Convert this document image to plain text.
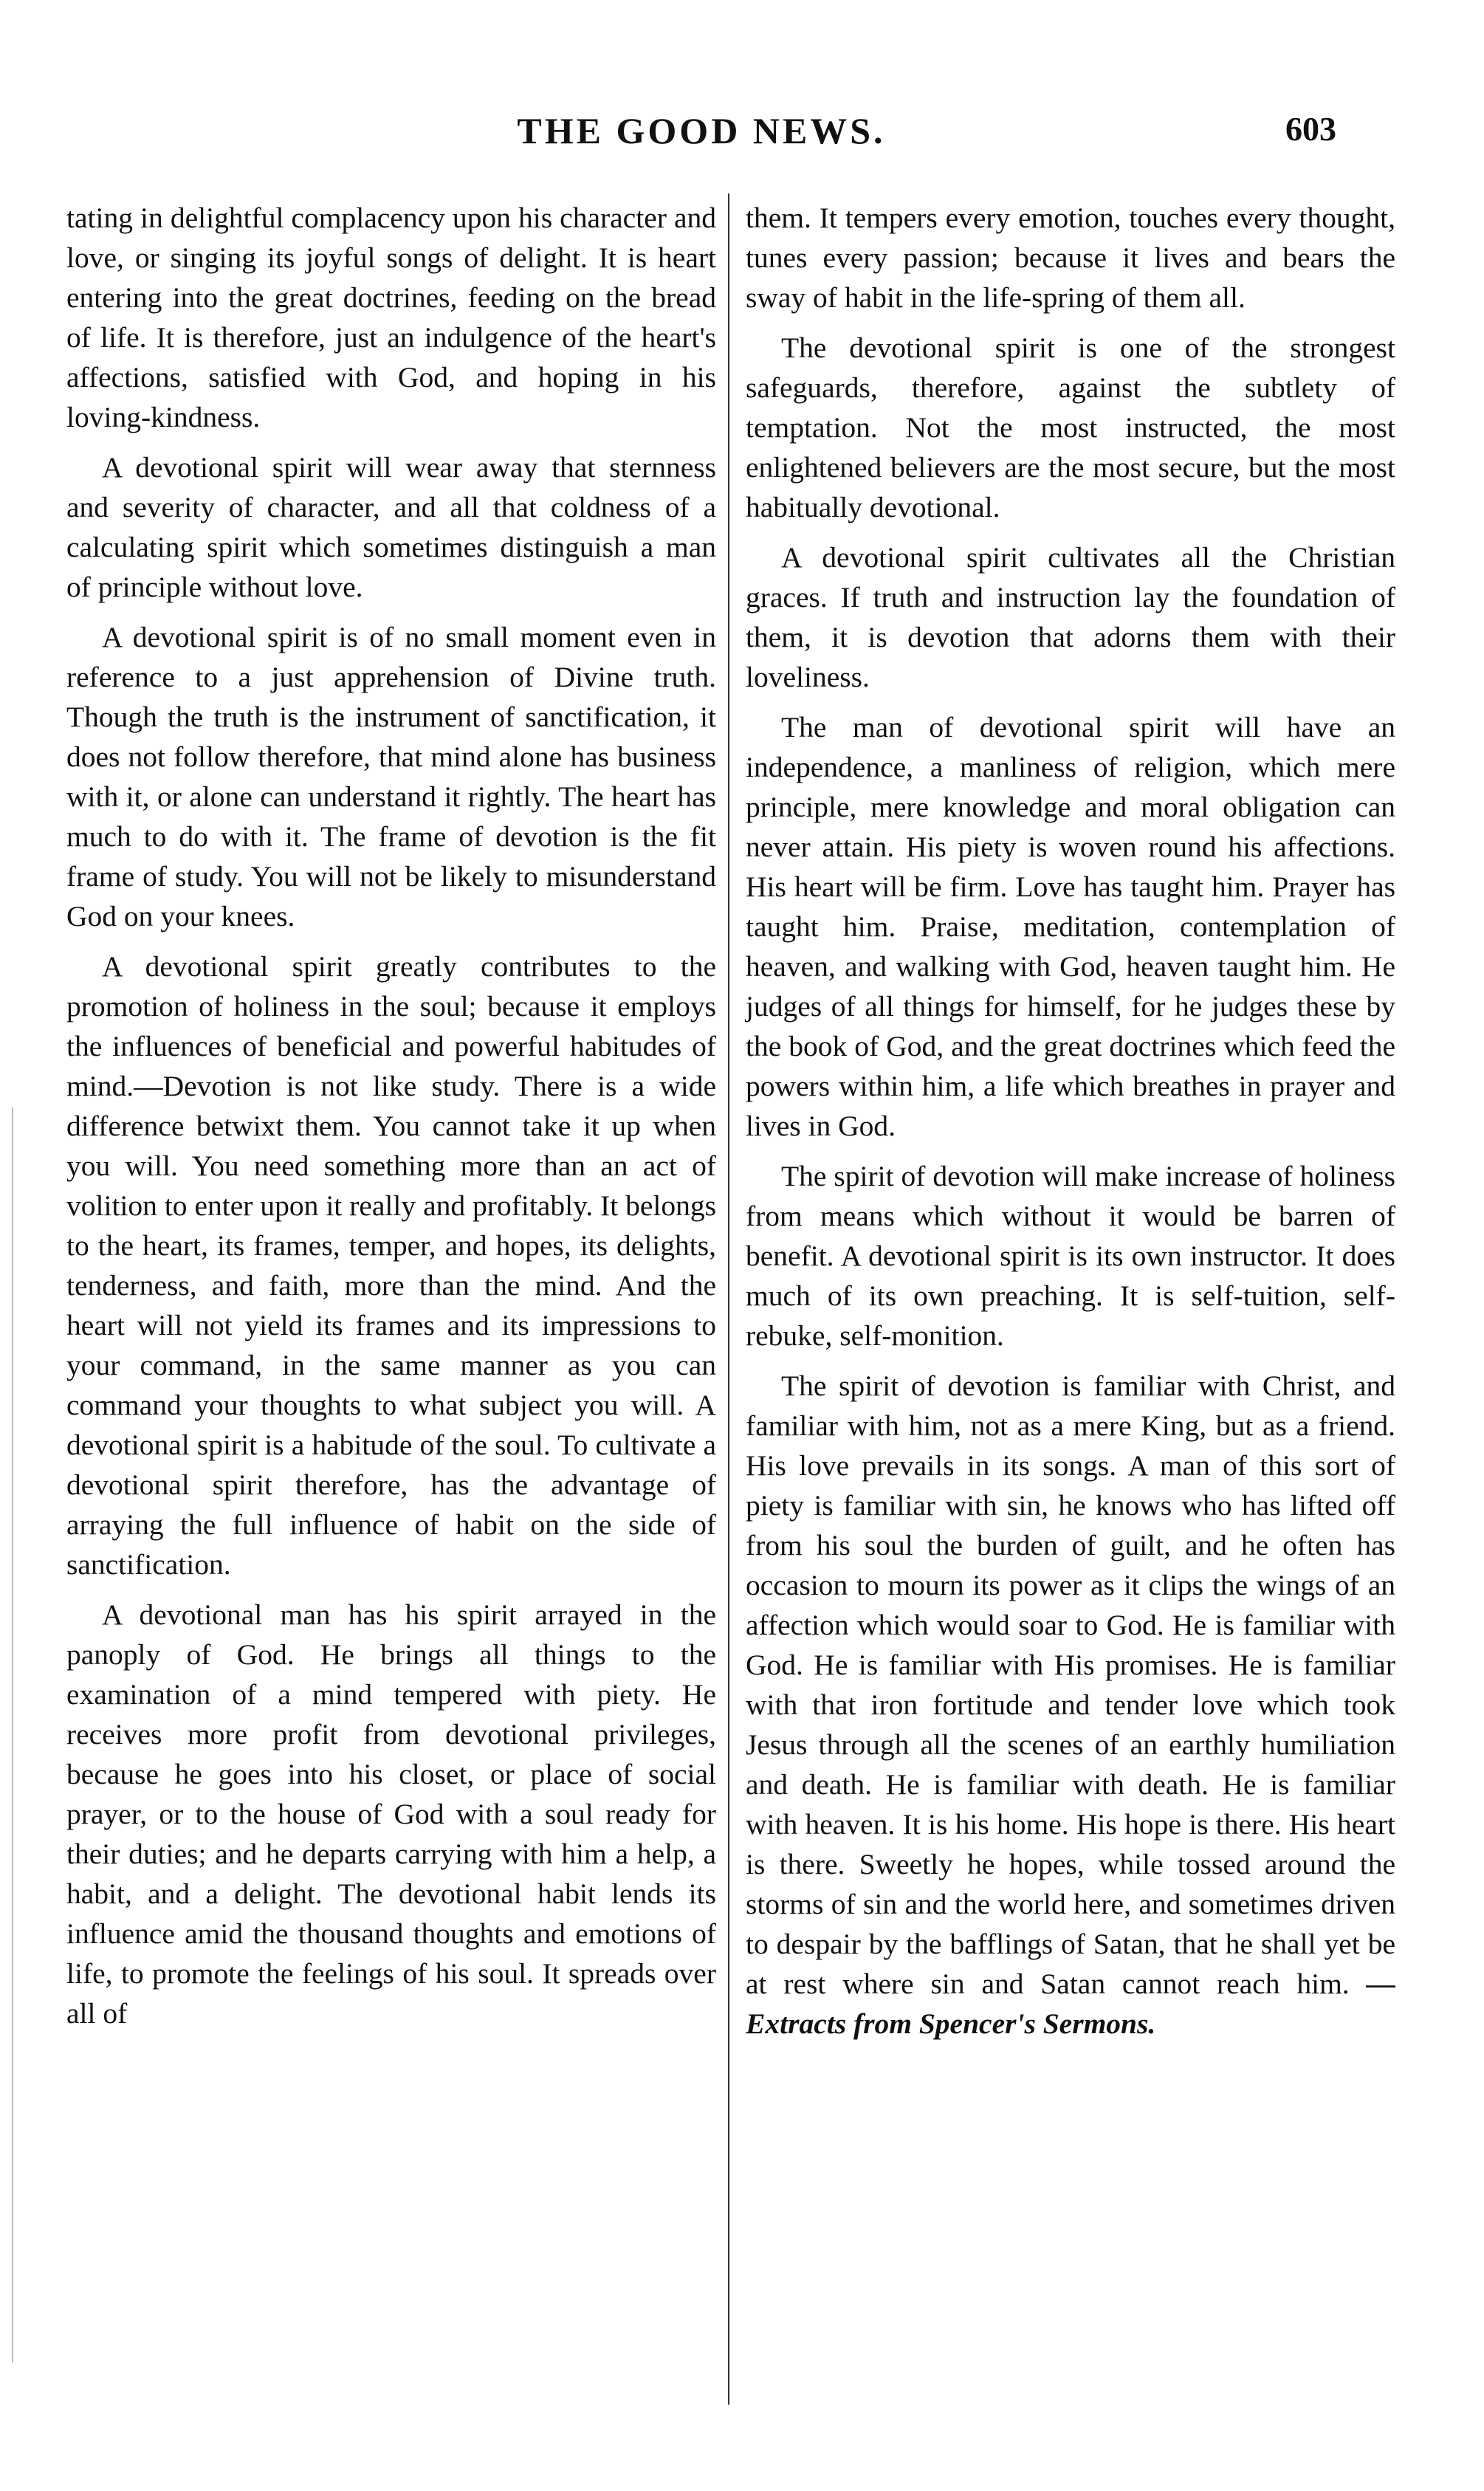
THE GOOD NEWS.	603

tating in delightful complacency upon his character and love, or singing its joyful songs of delight. It is heart entering into the great doctrines, feeding on the bread of life. It is therefore, just an indulgence of the heart's affections, satisfied with God, and hoping in his loving-kindness.

A devotional spirit will wear away that sternness and severity of character, and all that coldness of a calculating spirit which sometimes distinguish a man of principle without love.

A devotional spirit is of no small moment even in reference to a just apprehension of Divine truth. Though the truth is the instrument of sanctification, it does not follow therefore, that mind alone has business with it, or alone can understand it rightly. The heart has much to do with it. The frame of devotion is the fit frame of study. You will not be likely to misunderstand God on your knees.

A devotional spirit greatly contributes to the promotion of holiness in the soul; because it employs the influences of beneficial and powerful habitudes of mind.—Devotion is not like study. There is a wide difference betwixt them. You cannot take it up when you will. You need something more than an act of volition to enter upon it really and profitably. It belongs to the heart, its frames, temper, and hopes, its delights, tenderness, and faith, more than the mind. And the heart will not yield its frames and its impressions to your command, in the same manner as you can command your thoughts to what subject you will. A devotional spirit is a habitude of the soul. To cultivate a devotional spirit therefore, has the advantage of arraying the full influence of habit on the side of sanctification.

A devotional man has his spirit arrayed in the panoply of God. He brings all things to the examination of a mind tempered with piety. He receives more profit from devotional privileges, because he goes into his closet, or place of social prayer, or to the house of God with a soul ready for their duties; and he departs carrying with him a help, a habit, and a delight. The devotional habit lends its influence amid the thousand thoughts and emotions of life, to promote the feelings of his soul. It spreads over all of

them. It tempers every emotion, touches every thought, tunes every passion; because it lives and bears the sway of habit in the life-spring of them all.

The devotional spirit is one of the strongest safeguards, therefore, against the subtlety of temptation. Not the most instructed, the most enlightened believers are the most secure, but the most habitually devotional.

A devotional spirit cultivates all the Christian graces. If truth and instruction lay the foundation of them, it is devotion that adorns them with their loveliness.

The man of devotional spirit will have an independence, a manliness of religion, which mere principle, mere knowledge and moral obligation can never attain. His piety is woven round his affections. His heart will be firm. Love has taught him. Prayer has taught him. Praise, meditation, contemplation of heaven, and walking with God, heaven taught him. He judges of all things for himself, for he judges these by the book of God, and the great doctrines which feed the powers within him, a life which breathes in prayer and lives in God.

The spirit of devotion will make increase of holiness from means which without it would be barren of benefit. A devotional spirit is its own instructor. It does much of its own preaching. It is self-tuition, self-rebuke, self-monition.

The spirit of devotion is familiar with Christ, and familiar with him, not as a mere King, but as a friend. His love prevails in its songs. A man of this sort of piety is familiar with sin, he knows who has lifted off from his soul the burden of guilt, and he often has occasion to mourn its power as it clips the wings of an affection which would soar to God. He is familiar with God. He is familiar with His promises. He is familiar with that iron fortitude and tender love which took Jesus through all the scenes of an earthly humiliation and death. He is familiar with death. He is familiar with heaven. It is his home. His hope is there. His heart is there. Sweetly he hopes, while tossed around the storms of sin and the world here, and sometimes driven to despair by the bafflings of Satan, that he shall yet be at rest where sin and Satan cannot reach him. —Extracts from Spencer's Sermons.
